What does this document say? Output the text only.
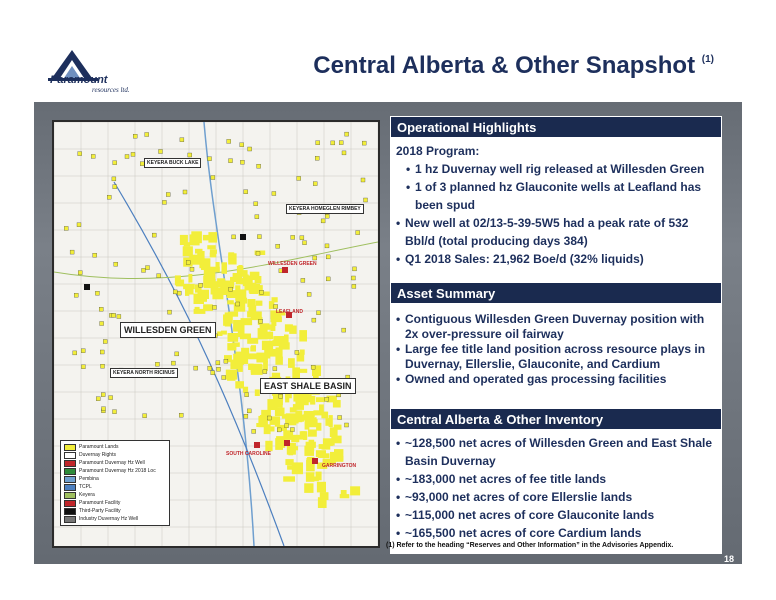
Paramount
resources ltd.
Central Alberta & Other Snapshot $^{(1)}$
KEYERA BUCK LAKE
KEYERA HOMEGLEN RIMBEY
WILLESDEN GREEN
LEAFLAND
WILLESDEN GREEN
KEYERA NORTH RICINUS
EAST SHALE BASIN
SOUTH CAROLINE
GARRINGTON
Paramount Lands
Duvernay Rights
Paramount Duvernay Hz Well
Paramount Duvernay Hz 2018 Loc
Pembina
TCPL
Keyera
Paramount Facility
Third-Party Facility
Industry Duvernay Hz Well
Operational Highlights
2018 Program:
• 1 hz Duvernay well rig released at Willesden Green
• 1 of 3 planned hz Glauconite wells at Leafland has been spud
• New well at 02/13-5-39-5W5 had a peak rate of 532 Bbl/d (total producing days 384)
• Q1 2018 Sales: 21,962 Boe/d (32% liquids)
Asset Summary
• Contiguous Willesden Green Duvernay position with 2x over-pressure oil fairway
• Large fee title land position across resource plays in Duvernay, Ellerslie, Glauconite, and Cardium
• Owned and operated gas processing facilities
Central Alberta & Other Inventory
• ~128,500 net acres of Willesden Green and East Shale Basin Duvernay
• ~183,000 net acres of fee title lands
• ~93,000 net acres of core Ellerslie lands
• ~115,000 net acres of core Glauconite lands
• ~165,500 net acres of core Cardium lands
(1) Refer to the heading “Reserves and Other Information” in the Advisories Appendix.
18
